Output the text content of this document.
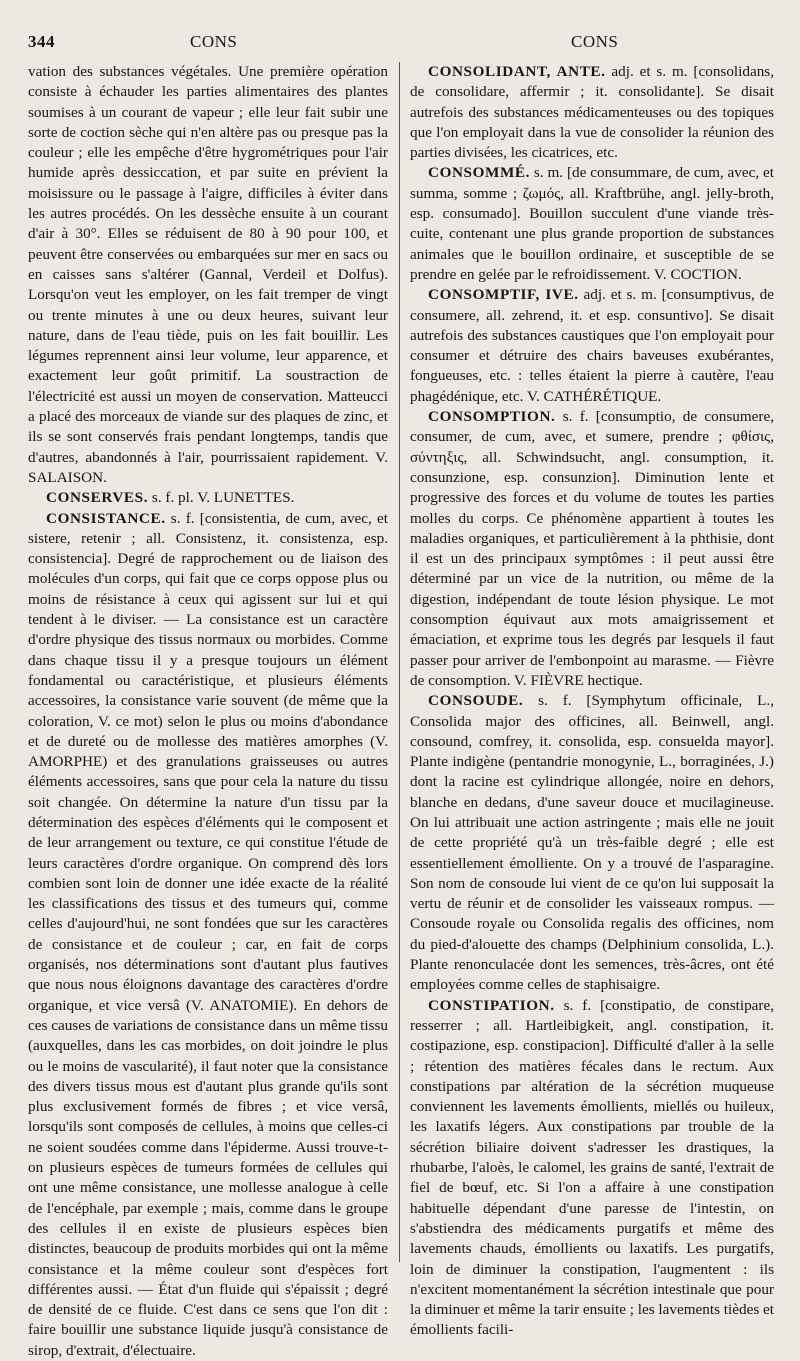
344	CONS	CONS

vation des substances végétales. Une première opération consiste à échauder les parties alimentaires des plantes soumises à un courant de vapeur ; elle leur fait subir une sorte de coction sèche qui n'en altère pas ou presque pas la couleur ; elle les empêche d'être hygrométriques pour l'air humide après dessiccation, et par suite en prévient la moisissure ou le passage à l'aigre, difficiles à éviter dans les autres procédés. On les dessèche ensuite à un courant d'air à 30°. Elles se réduisent de 80 à 90 pour 100, et peuvent être conservées ou embarquées sur mer en sacs ou en caisses sans s'altérer (Gannal, Verdeil et Dolfus). Lorsqu'on veut les employer, on les fait tremper de vingt ou trente minutes à une ou deux heures, suivant leur nature, dans de l'eau tiède, puis on les fait bouillir. Les légumes reprennent ainsi leur volume, leur apparence, et exactement leur goût primitif. La soustraction de l'électricité est aussi un moyen de conservation. Matteucci a placé des morceaux de viande sur des plaques de zinc, et ils se sont conservés frais pendant longtemps, tandis que d'autres, abandonnés à l'air, pourrissaient rapidement. V. SALAISON.

CONSERVES. s. f. pl. V. LUNETTES.

CONSISTANCE. s. f. [consistentia, de cum, avec, et sistere, retenir ; all. Consistenz, it. consistenza, esp. consistencia]. Degré de rapprochement ou de liaison des molécules d'un corps, qui fait que ce corps oppose plus ou moins de résistance à ceux qui agissent sur lui et qui tendent à le diviser. — La consistance est un caractère d'ordre physique des tissus normaux ou morbides. Comme dans chaque tissu il y a presque toujours un élément fondamental ou caractéristique, et plusieurs éléments accessoires, la consistance varie souvent (de même que la coloration, V. ce mot) selon le plus ou moins d'abondance et de dureté ou de mollesse des matières amorphes (V. AMORPHE) et des granulations graisseuses ou autres éléments accessoires, sans que pour cela la nature du tissu soit changée. On détermine la nature d'un tissu par la détermination des espèces d'éléments qui le composent et de leur arrangement ou texture, ce qui constitue l'étude de leurs caractères d'ordre organique. On comprend dès lors combien sont loin de donner une idée exacte de la réalité les classifications des tissus et des tumeurs qui, comme celles d'aujourd'hui, ne sont fondées que sur les caractères de consistance et de couleur ; car, en fait de corps organisés, nos déterminations sont d'autant plus fautives que nous nous éloignons davantage des caractères d'ordre organique, et vice versâ (V. ANATOMIE). En dehors de ces causes de variations de consistance dans un même tissu (auxquelles, dans les cas morbides, on doit joindre le plus ou le moins de vascularité), il faut noter que la consistance des divers tissus mous est d'autant plus grande qu'ils sont plus exclusivement formés de fibres ; et vice versâ, lorsqu'ils sont composés de cellules, à moins que celles-ci ne soient soudées comme dans l'épiderme. Aussi trouve-t-on plusieurs espèces de tumeurs formées de cellules qui ont une même consistance, une mollesse analogue à celle de l'encéphale, par exemple ; mais, comme dans le groupe des cellules il en existe de plusieurs espèces bien distinctes, beaucoup de produits morbides qui ont la même consistance et la même couleur sont d'espèces fort différentes aussi. — État d'un fluide qui s'épaissit ; degré de densité de ce fluide. C'est dans ce sens que l'on dit : faire bouillir une substance liquide jusqu'à consistance de sirop, d'extrait, d'électuaire.

CONSOLIDANT, ANTE. adj. et s. m. [consolidans, de consolidare, affermir ; it. consolidante]. Se disait autrefois des substances médicamenteuses ou des topiques que l'on employait dans la vue de consolider la réunion des parties divisées, les cicatrices, etc.

CONSOMMÉ. s. m. [de consummare, de cum, avec, et summa, somme ; ζωμός, all. Kraftbrühe, angl. jelly-broth, esp. consumado]. Bouillon succulent d'une viande très-cuite, contenant une plus grande proportion de substances animales que le bouillon ordinaire, et susceptible de se prendre en gelée par le refroidissement. V. COCTION.

CONSOMPTIF, IVE. adj. et s. m. [consumptivus, de consumere, all. zehrend, it. et esp. consuntivo]. Se disait autrefois des substances caustiques que l'on employait pour consumer et détruire des chairs baveuses exubérantes, fongueuses, etc. : telles étaient la pierre à cautère, l'eau phagédénique, etc. V. CATHÉRÉTIQUE.

CONSOMPTION. s. f. [consumptio, de consumere, consumer, de cum, avec, et sumere, prendre ; φθίσις, σύντηξις, all. Schwindsucht, angl. consumption, it. consunzione, esp. consunzion]. Diminution lente et progressive des forces et du volume de toutes les parties molles du corps. Ce phénomène appartient à toutes les maladies organiques, et particulièrement à la phthisie, dont il est un des principaux symptômes : il peut aussi être déterminé par un vice de la nutrition, ou même de la digestion, indépendant de toute lésion physique. Le mot consomption équivaut aux mots amaigrissement et émaciation, et exprime tous les degrés par lesquels il faut passer pour arriver de l'embonpoint au marasme. — Fièvre de consomption. V. FIÈVRE hectique.

CONSOUDE. s. f. [Symphytum officinale, L., Consolida major des officines, all. Beinwell, angl. consound, comfrey, it. consolida, esp. consuelda mayor]. Plante indigène (pentandrie monogynie, L., borraginées, J.) dont la racine est cylindrique allongée, noire en dehors, blanche en dedans, d'une saveur douce et mucilagineuse. On lui attribuait une action astringente ; mais elle ne jouit de cette propriété qu'à un très-faible degré ; elle est essentiellement émolliente. On y a trouvé de l'asparagine. Son nom de consoude lui vient de ce qu'on lui supposait la vertu de réunir et de consolider les vaisseaux rompus. — Consoude royale ou Consolida regalis des officines, nom du pied-d'alouette des champs (Delphinium consolida, L.). Plante renonculacée dont les semences, très-âcres, ont été employées comme celles de staphisaigre.

CONSTIPATION. s. f. [constipatio, de constipare, resserrer ; all. Hartleibigkeit, angl. constipation, it. costipazione, esp. constipacion]. Difficulté d'aller à la selle ; rétention des matières fécales dans le rectum. Aux constipations par altération de la sécrétion muqueuse conviennent les lavements émollients, miellés ou huileux, les laxatifs légers. Aux constipations par trouble de la sécrétion biliaire doivent s'adresser les drastiques, la rhubarbe, l'aloès, le calomel, les grains de santé, l'extrait de fiel de bœuf, etc. Si l'on a affaire à une constipation habituelle dépendant d'une paresse de l'intestin, on s'abstiendra des médicaments purgatifs et même des lavements chauds, émollients ou laxatifs. Les purgatifs, loin de diminuer la constipation, l'augmentent : ils n'excitent momentanément la sécrétion intestinale que pour la diminuer et même la tarir ensuite ; les lavements tièdes et émollients facili-
